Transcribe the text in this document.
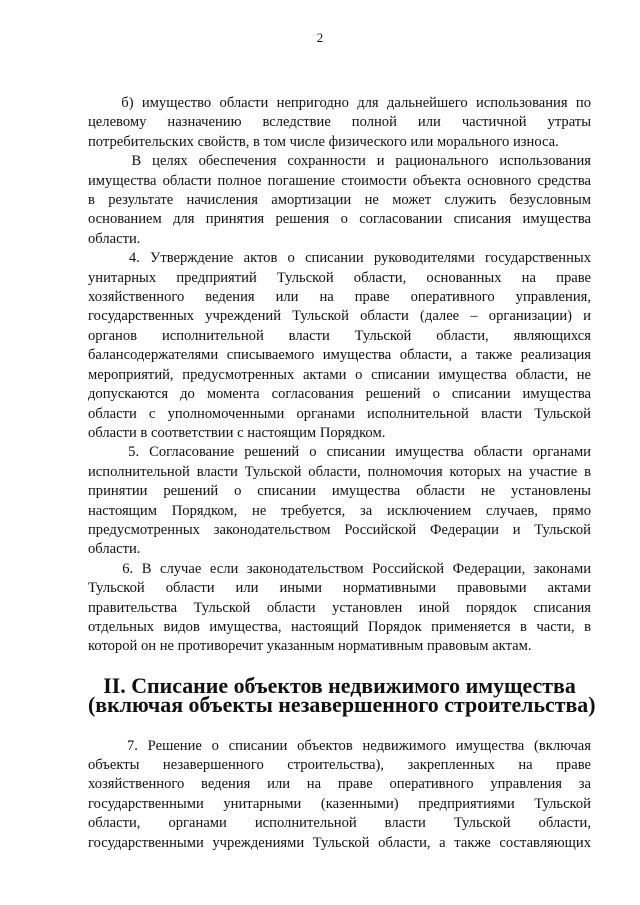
2

б) имущество области непригодно для дальнейшего использования по
целевому назначению вследствие полной или частичной утраты
потребительских свойств, в том числе физического или морального износа.

В целях обеспечения сохранности и рационального использования
имущества области полное погашение стоимости объекта основного средства
в результате начисления амортизации не может служить безусловным
основанием для принятия решения о согласовании списания имущества
области.

4. Утверждение актов о списании руководителями государственных
унитарных предприятий Тульской области, основанных на праве
хозяйственного ведения или на праве оперативного управления,
государственных учреждений Тульской области (далее – организации) и
органов исполнительной власти Тульской области, являющихся
балансодержателями списываемого имущества области, а также реализация
мероприятий, предусмотренных актами о списании имущества области, не
допускаются до момента согласования решений о списании имущества
области с уполномоченными органами исполнительной власти Тульской
области в соответствии с настоящим Порядком.

5. Согласование решений о списании имущества области органами
исполнительной власти Тульской области, полномочия которых на участие в
принятии решений о списании имущества области не установлены
настоящим Порядком, не требуется, за исключением случаев, прямо
предусмотренных законодательством Российской Федерации и Тульской
области.

6. В случае если законодательством Российской Федерации, законами
Тульской области или иными нормативными правовыми актами
правительства Тульской области установлен иной порядок списания
отдельных видов имущества, настоящий Порядок применяется в части, в
которой он не противоречит указанным нормативным правовым актам.

II. Списание объектов недвижимого имущества
(включая объекты незавершенного строительства)

7. Решение о списании объектов недвижимого имущества (включая
объекты незавершенного строительства), закрепленных на праве
хозяйственного ведения или на праве оперативного управления за
государственными унитарными (казенными) предприятиями Тульской
области, органами исполнительной власти Тульской области,
государственными учреждениями Тульской области, а также составляющих
